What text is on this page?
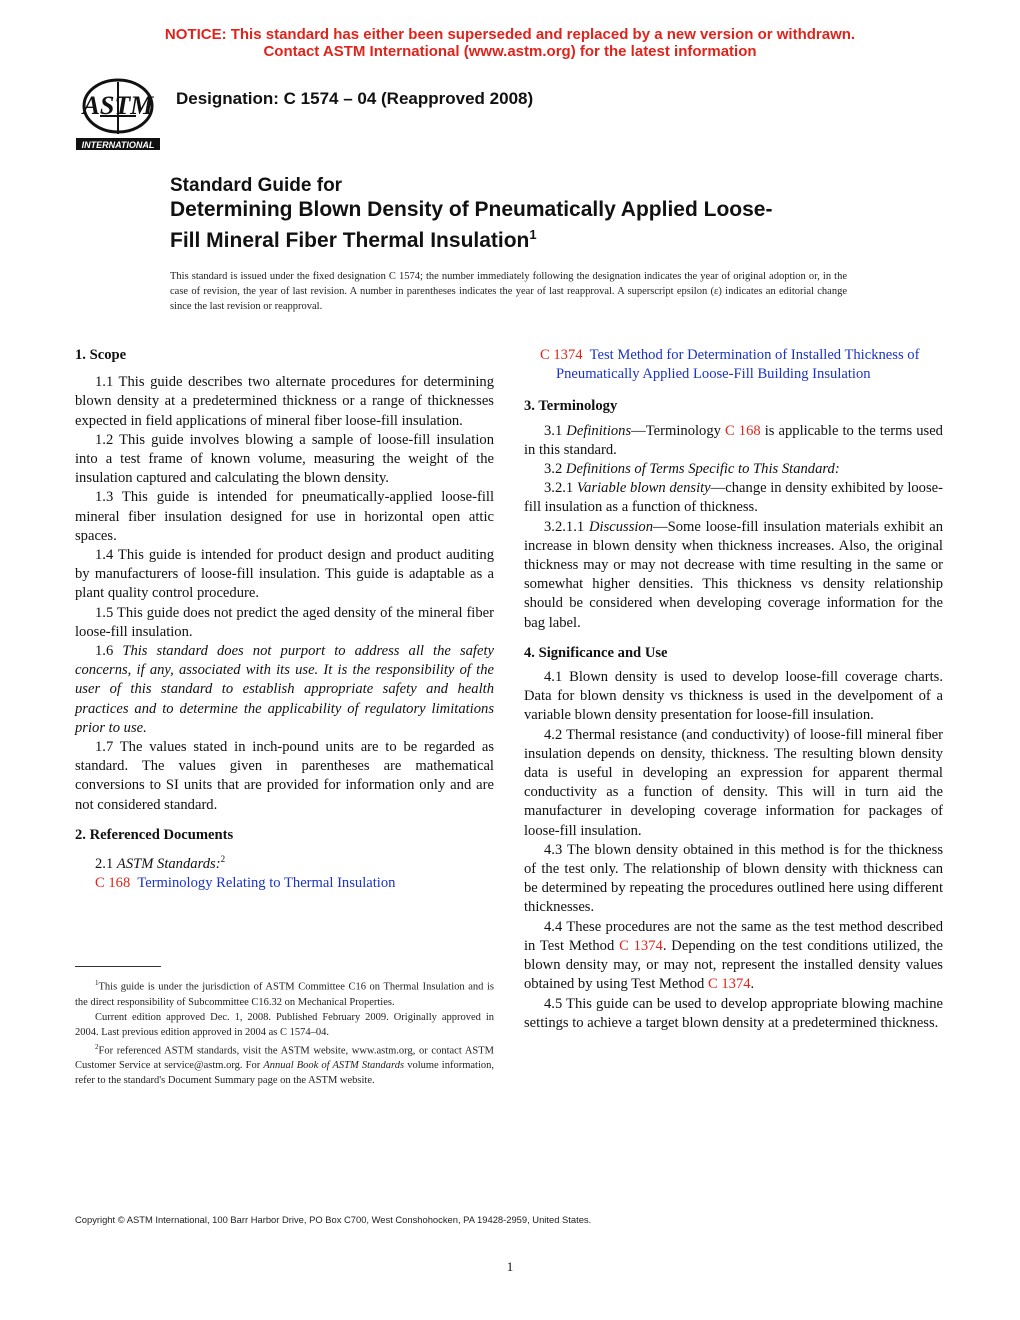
NOTICE: This standard has either been superseded and replaced by a new version or withdrawn.
Contact ASTM International (www.astm.org) for the latest information
ASTM
INTERNATIONAL
Designation: C 1574 – 04 (Reapproved 2008)
Standard Guide for
Determining Blown Density of Pneumatically Applied Loose-
Fill Mineral Fiber Thermal Insulation$^1$
This standard is issued under the fixed designation C 1574; the number immediately following the designation indicates the year of original adoption or, in the case of revision, the year of last revision. A number in parentheses indicates the year of last reapproval. A superscript epsilon (ε) indicates an editorial change since the last revision or reapproval.

1. Scope

1.1 This guide describes two alternate procedures for determining blown density at a predetermined thickness or a range of thicknesses expected in field applications of mineral fiber loose-fill insulation.

1.2 This guide involves blowing a sample of loose-fill insulation into a test frame of known volume, measuring the weight of the insulation captured and calculating the blown density.

1.3 This guide is intended for pneumatically-applied loose-fill mineral fiber insulation designed for use in horizontal open attic spaces.

1.4 This guide is intended for product design and product auditing by manufacturers of loose-fill insulation. This guide is adaptable as a plant quality control procedure.

1.5 This guide does not predict the aged density of the mineral fiber loose-fill insulation.

1.6 This standard does not purport to address all the safety concerns, if any, associated with its use. It is the responsibility of the user of this standard to establish appropriate safety and health practices and to determine the applicability of regulatory limitations prior to use.

1.7 The values stated in inch-pound units are to be regarded as standard. The values given in parentheses are mathematical conversions to SI units that are provided for information only and are not considered standard.

2. Referenced Documents

2.1 ASTM Standards:$^2$

C 168 Terminology Relating to Thermal Insulation

C 1374 Test Method for Determination of Installed Thickness of Pneumatically Applied Loose-Fill Building Insulation

3. Terminology

3.1 Definitions—Terminology C 168 is applicable to the terms used in this standard.

3.2 Definitions of Terms Specific to This Standard:

3.2.1 Variable blown density—change in density exhibited by loose-fill insulation as a function of thickness.

3.2.1.1 Discussion—Some loose-fill insulation materials exhibit an increase in blown density when thickness increases. Also, the original thickness may or may not decrease with time resulting in the same or somewhat higher densities. This thickness vs density relationship should be considered when developing coverage information for the bag label.

4. Significance and Use

4.1 Blown density is used to develop loose-fill coverage charts. Data for blown density vs thickness is used in the develpoment of a variable blown density presentation for loose-fill insulation.

4.2 Thermal resistance (and conductivity) of loose-fill mineral fiber insulation depends on density, thickness. The resulting blown density data is useful in developing an expression for apparent thermal conductivity as a function of density. This will in turn aid the manufacturer in developing coverage information for packages of loose-fill insulation.

4.3 The blown density obtained in this method is for the thickness of the test only. The relationship of blown density with thickness can be determined by repeating the procedures outlined here using different thicknesses.

4.4 These procedures are not the same as the test method described in Test Method C 1374. Depending on the test conditions utilized, the blown density may, or may not, represent the installed density values obtained by using Test Method C 1374.

4.5 This guide can be used to develop appropriate blowing machine settings to achieve a target blown density at a predetermined thickness.

$^1$This guide is under the jurisdiction of ASTM Committee C16 on Thermal Insulation and is the direct responsibility of Subcommittee C16.32 on Mechanical Properties.

Current edition approved Dec. 1, 2008. Published February 2009. Originally approved in 2004. Last previous edition approved in 2004 as C 1574–04.

$^2$For referenced ASTM standards, visit the ASTM website, www.astm.org, or contact ASTM Customer Service at service@astm.org. For Annual Book of ASTM Standards volume information, refer to the standard's Document Summary page on the ASTM website.

Copyright © ASTM International, 100 Barr Harbor Drive, PO Box C700, West Conshohocken, PA 19428-2959, United States.
1
